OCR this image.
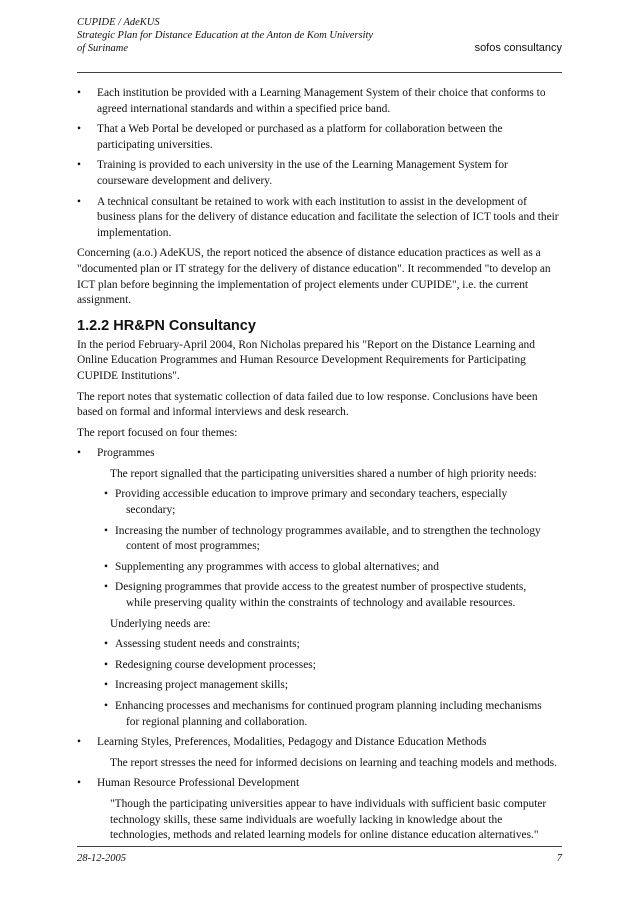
CUPIDE / AdeKUS
Strategic Plan for Distance Education at the Anton de Kom University
of Suriname	sofos consultancy
• Each institution be provided with a Learning Management System of their choice that conforms to agreed international standards and within a specified price band.
• That a Web Portal be developed or purchased as a platform for collaboration between the participating universities.
• Training is provided to each university in the use of the Learning Management System for courseware development and delivery.
• A technical consultant be retained to work with each institution to assist in the development of business plans for the delivery of distance education and facilitate the selection of ICT tools and their implementation.

Concerning (a.o.) AdeKUS, the report noticed the absence of distance education practices as well as a "documented plan or IT strategy for the delivery of distance education". It recommended "to develop an ICT plan before beginning the implementation of project elements under CUPIDE", i.e. the current assignment.

1.2.2 HR&PN Consultancy

In the period February-April 2004, Ron Nicholas prepared his "Report on the Distance Learning and Online Education Programmes and Human Resource Development Requirements for Participating CUPIDE Institutions".

The report notes that systematic collection of data failed due to low response. Conclusions have been based on formal and informal interviews and desk research.

The report focused on four themes:

• Programmes
The report signalled that the participating universities shared a number of high priority needs:
• Providing accessible education to improve primary and secondary teachers, especially
secondary;
• Increasing the number of technology programmes available, and to strengthen the technology
content of most programmes;
• Supplementing any programmes with access to global alternatives; and
• Designing programmes that provide access to the greatest number of prospective students,
while preserving quality within the constraints of technology and available resources.
Underlying needs are:
• Assessing student needs and constraints;
• Redesigning course development processes;
• Increasing project management skills;
• Enhancing processes and mechanisms for continued program planning including mechanisms
for regional planning and collaboration.
• Learning Styles, Preferences, Modalities, Pedagogy and Distance Education Methods
The report stresses the need for informed decisions on learning and teaching models and methods.
• Human Resource Professional Development
"Though the participating universities appear to have individuals with sufficient basic computer technology skills, these same individuals are woefully lacking in knowledge about the technologies, methods and related learning models for online distance education alternatives."
28-12-2005	7
